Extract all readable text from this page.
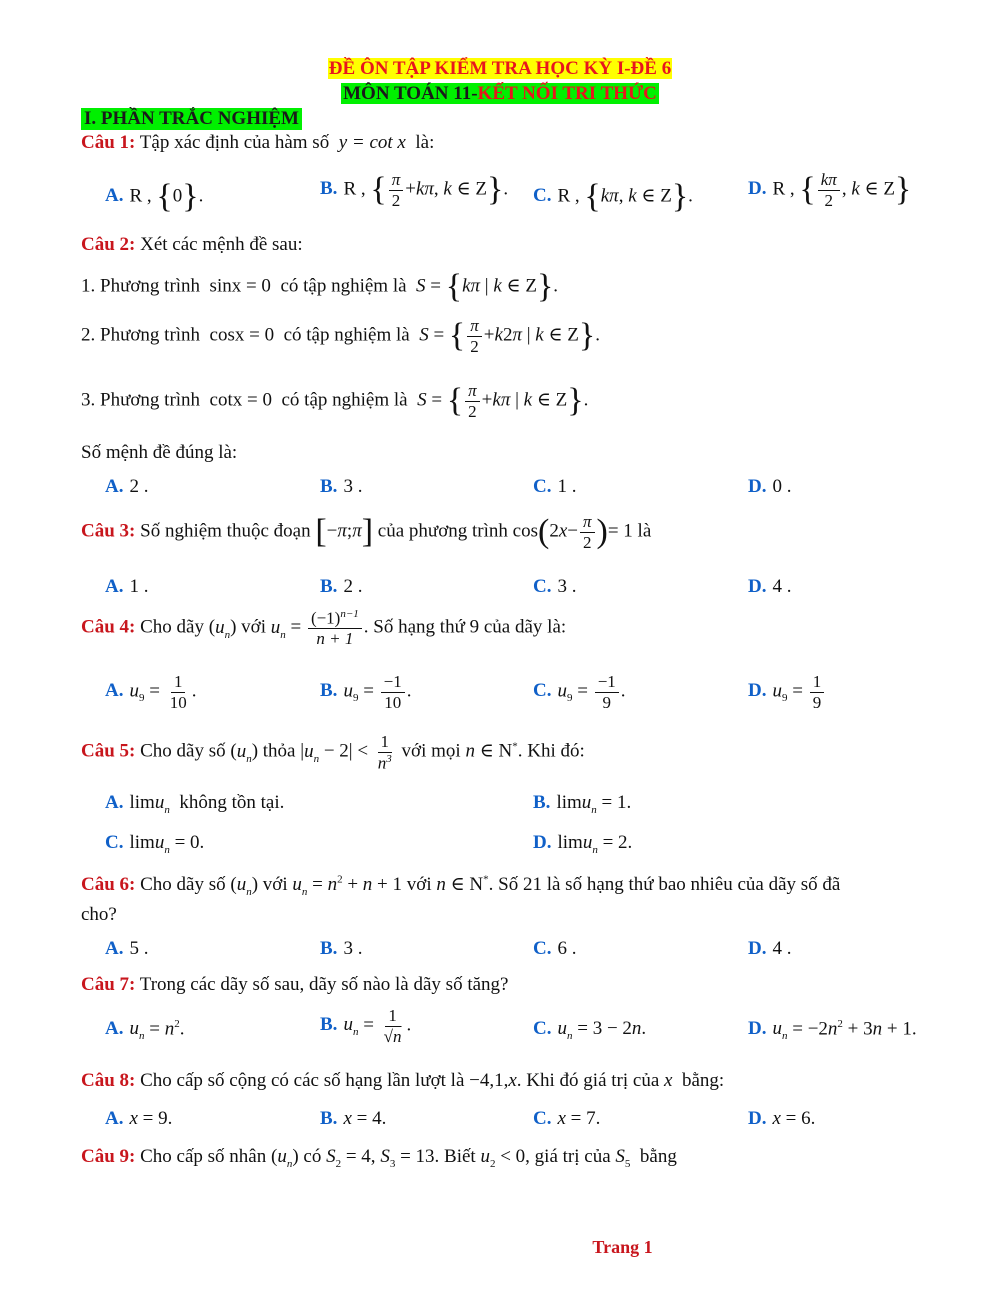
ĐỀ ÔN TẬP KIỂM TRA HỌC KỲ I-ĐỀ 6
MÔN TOÁN 11-KẾT NỐI TRI THỨC
I. PHẦN TRẮC NGHIỆM
Câu 1: Tập xác định của hàm số y = cot x là:
A. R , {0}.	B. R , { $\frac{\pi}{2} +k\pi$, k ∈ Z}. C. R , {kπ, k ∈ Z}.	D. R , { $\frac{k\pi}{2}$ , k ∈ Z}
Câu 2: Xét các mệnh đề sau:
1. Phương trình sinx = 0 có tập nghiệm là S = {kπ | k ∈ Z}.
2. Phương trình cosx = 0 có tập nghiệm là S = { $\frac{\pi}{2} +k2\pi$ | k ∈ Z}.
3. Phương trình cotx = 0 có tập nghiệm là S = { $\frac{\pi}{2} +k\pi$ | k ∈ Z}.
Số mệnh đề đúng là:
A. 2 .	B. 3 .	C. 1 .	D. 0 .
Câu 3: Số nghiệm thuộc đoạn [−π;π] của phương trình $\cos(2x- \frac{\pi}{2}$ )= 1 là
A. 1 .	B. 2 .	C. 3 .	D. 4 .
Câu 4: Cho dãy $(u_n)$ với $u_n = \frac{(-1)^{n-1}}{n + 1}$ . Số hạng thứ 9 của dãy là:
A. $u_9 = \frac{1}{10}$ .	B. $u_9 = \frac{-1}{10}$ .	C. $u_9 = \frac{-1}{9}$ .	D. $u_9 = \frac{1}{9}$
Câu 5: Cho dãy số $(u_n)$ thỏa $|u_n - 2| < \frac{1}{n^3}$ với mọi n ∈ N*. Khi đó:
A. limu$_n$ không tồn tại.	B. limu$_n$ = 1.
C. limu$_n$ = 0.	D. limu$_n$ = 2.
Câu 6: Cho dãy số $(u_n)$ với $u_n = n^2 + n + 1$ với n ∈ N*. Số 21 là số hạng thứ bao nhiêu của dãy số đã
cho?
A. 5 .	B. 3 .	C. 6 .	D. 4 .
Câu 7: Trong các dãy số sau, dãy số nào là dãy số tăng?
A. $u_n = n^2$.	B. $u_n = \frac{1}{√n}$ .	C. $u_n = 3 - 2n$.	D. $u_n = -2n^2 + 3n + 1$.
Câu 8: Cho cấp số cộng có các số hạng lần lượt là −4,1,x. Khi đó giá trị của x bằng:
A. x = 9.	B. x = 4.	C. x = 7.	D. x = 6.
Câu 9: Cho cấp số nhân $(u_n)$ có $S_2 = 4$, $S_3 = 13$. Biết $u_2 < 0$, giá trị của $S_5$ bằng
Trang 1
